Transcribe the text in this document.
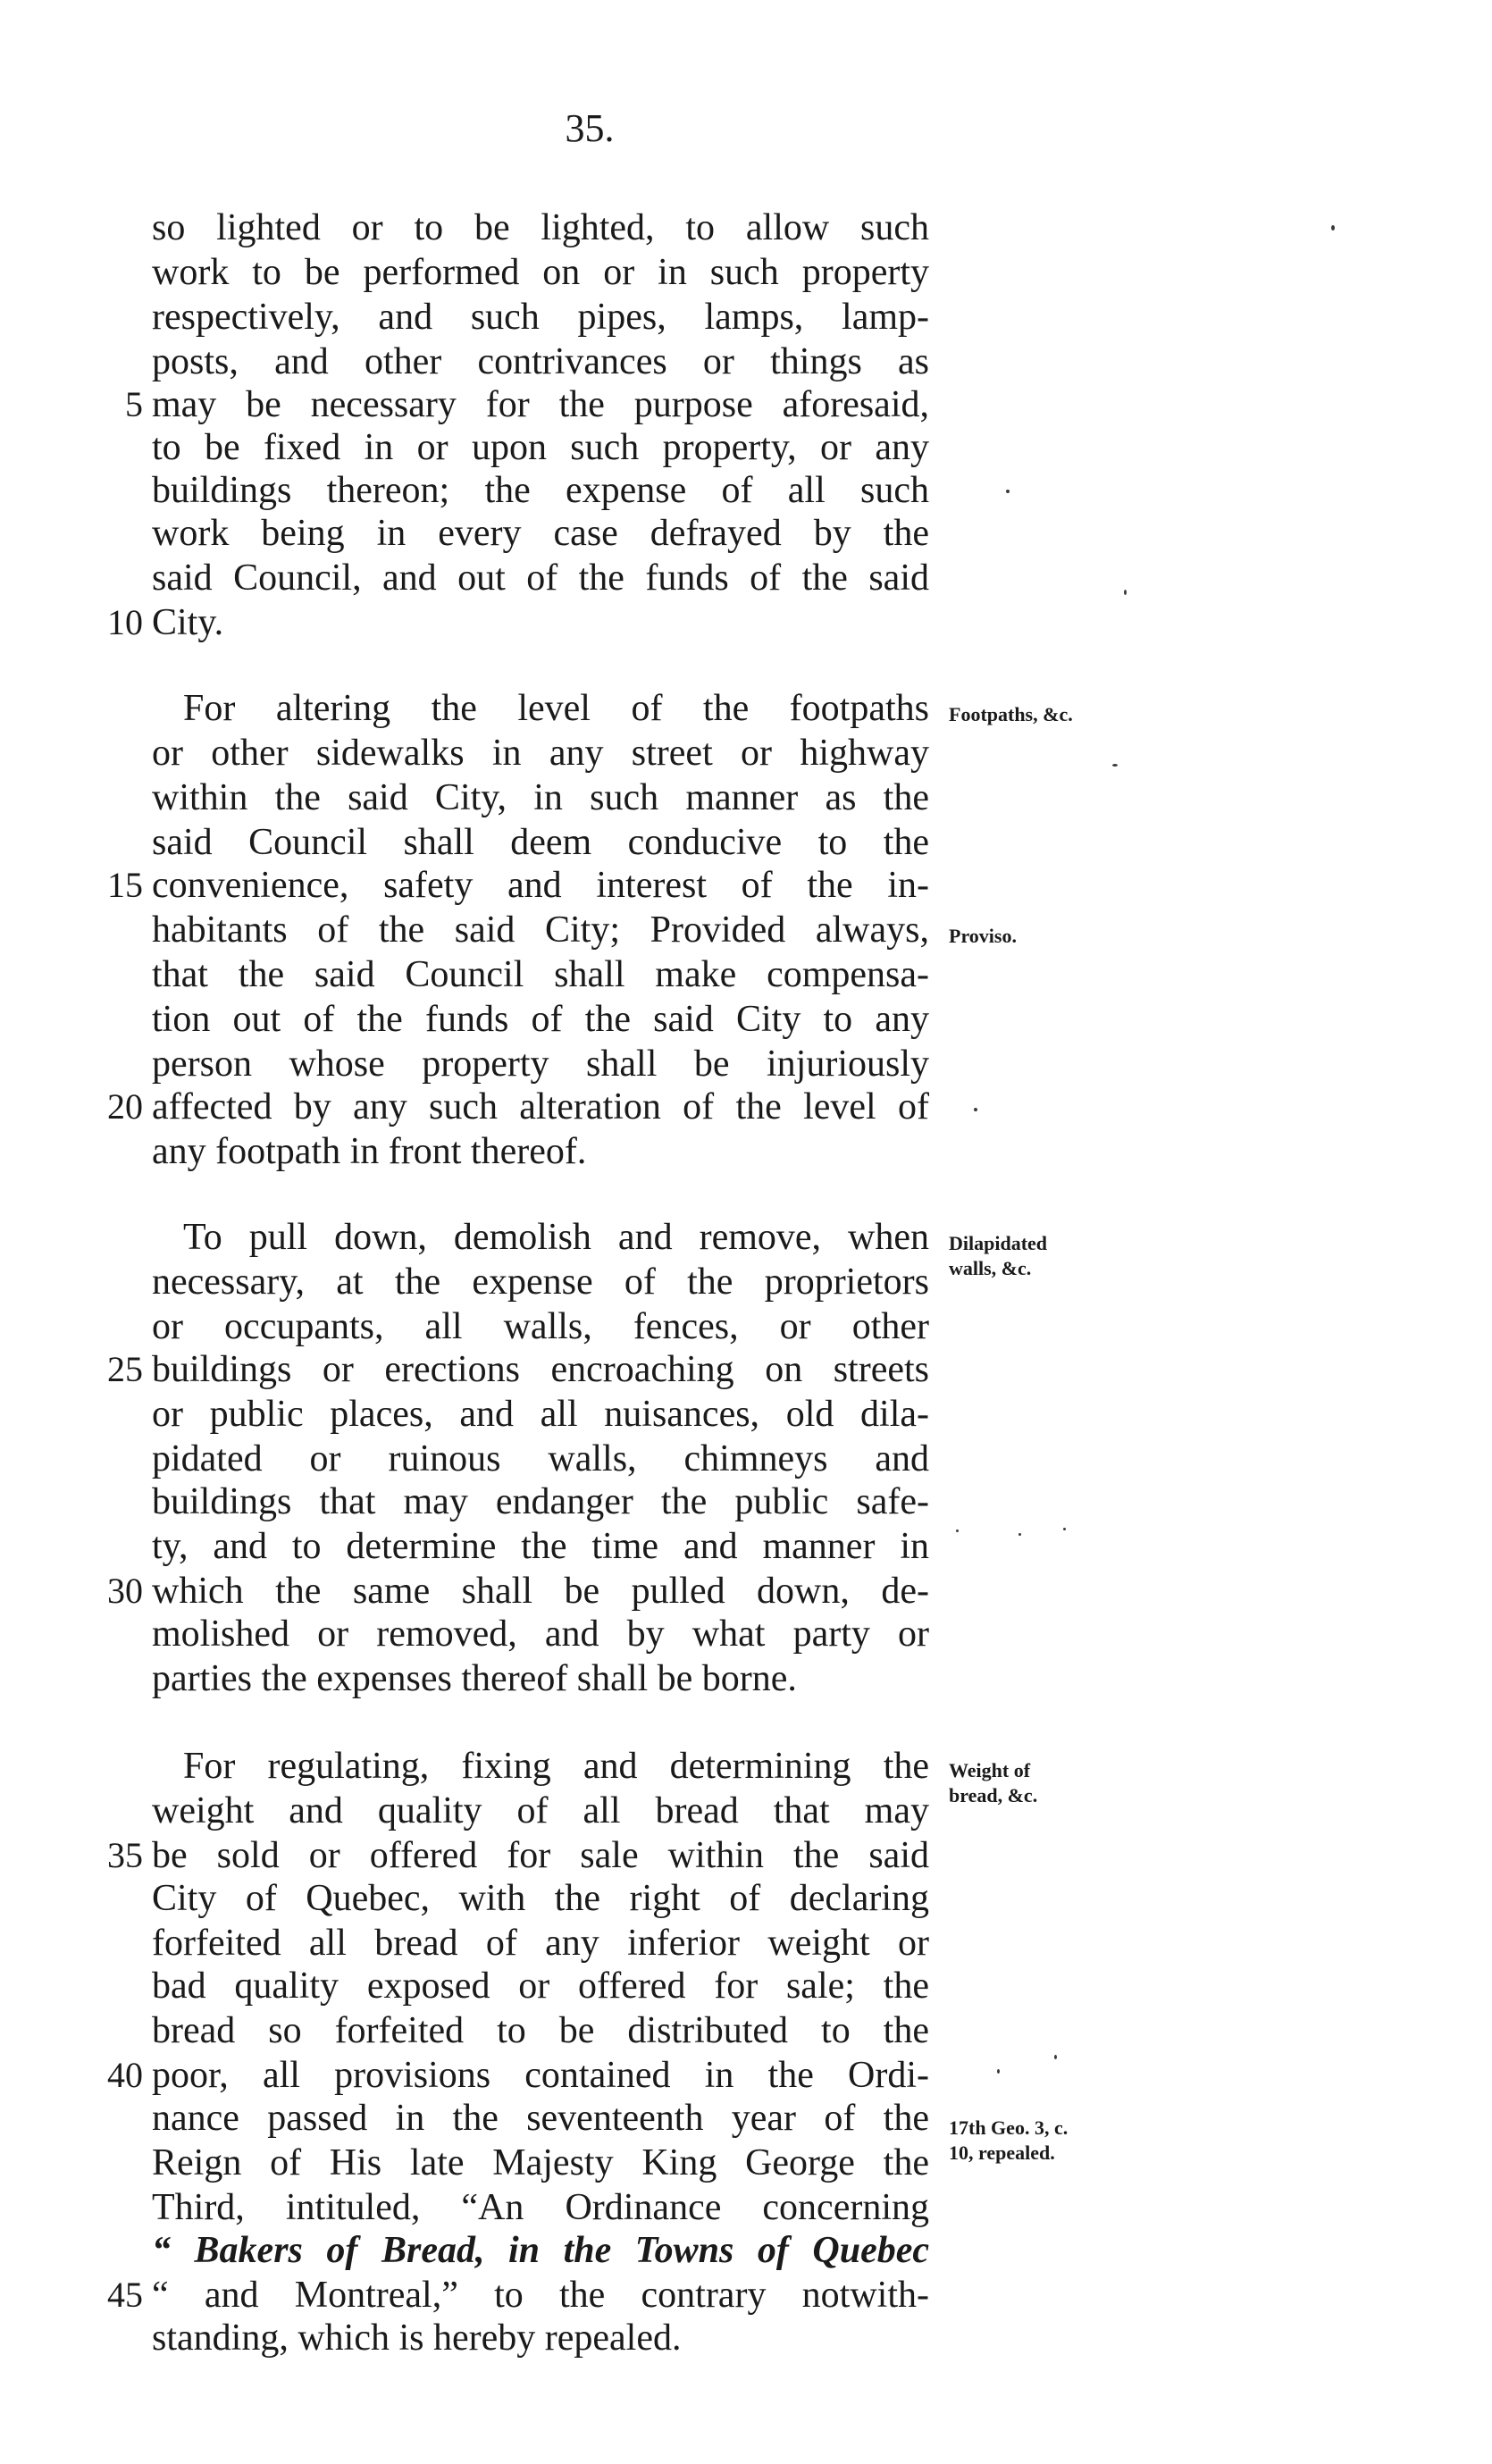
35.
so lighted or to be lighted, to allow such
work to be performed on or in such property
respectively, and such pipes, lamps, lamp-
posts, and other contrivances or things as
may be necessary for the purpose aforesaid,
to be fixed in or upon such property, or any
buildings thereon; the expense of all such
work being in every case defrayed by the
said Council, and out of the funds of the said
City.
5
10
For altering the level of the footpaths
or other sidewalks in any street or highway
within the said City, in such manner as the
said Council shall deem conducive to the
convenience, safety and interest of the in-
habitants of the said City; Provided always,
that the said Council shall make compensa-
tion out of the funds of the said City to any
person whose property shall be injuriously
affected by any such alteration of the level of
any footpath in front thereof.
15
20
Footpaths, &c.
Proviso.
To pull down, demolish and remove, when
necessary, at the expense of the proprietors
or occupants, all walls, fences, or other
buildings or erections encroaching on streets
or public places, and all nuisances, old dila-
pidated or ruinous walls, chimneys and
buildings that may endanger the public safe-
ty, and to determine the time and manner in
which the same shall be pulled down, de-
molished or removed, and by what party or
parties the expenses thereof shall be borne.
25
30
Dilapidated
walls, &c.
For regulating, fixing and determining the
weight and quality of all bread that may
be sold or offered for sale within the said
City of Quebec, with the right of declaring
forfeited all bread of any inferior weight or
bad quality exposed or offered for sale; the
bread so forfeited to be distributed to the
poor, all provisions contained in the Ordi-
nance passed in the seventeenth year of the
Reign of His late Majesty King George the
Third, intituled, “An Ordinance concerning
“ Bakers of Bread, in the Towns of Quebec
“ and Montreal,” to the contrary notwith-
standing, which is hereby repealed.
35
40
45
Weight of
bread, &c.
17th Geo. 3, c.
10, repealed.
